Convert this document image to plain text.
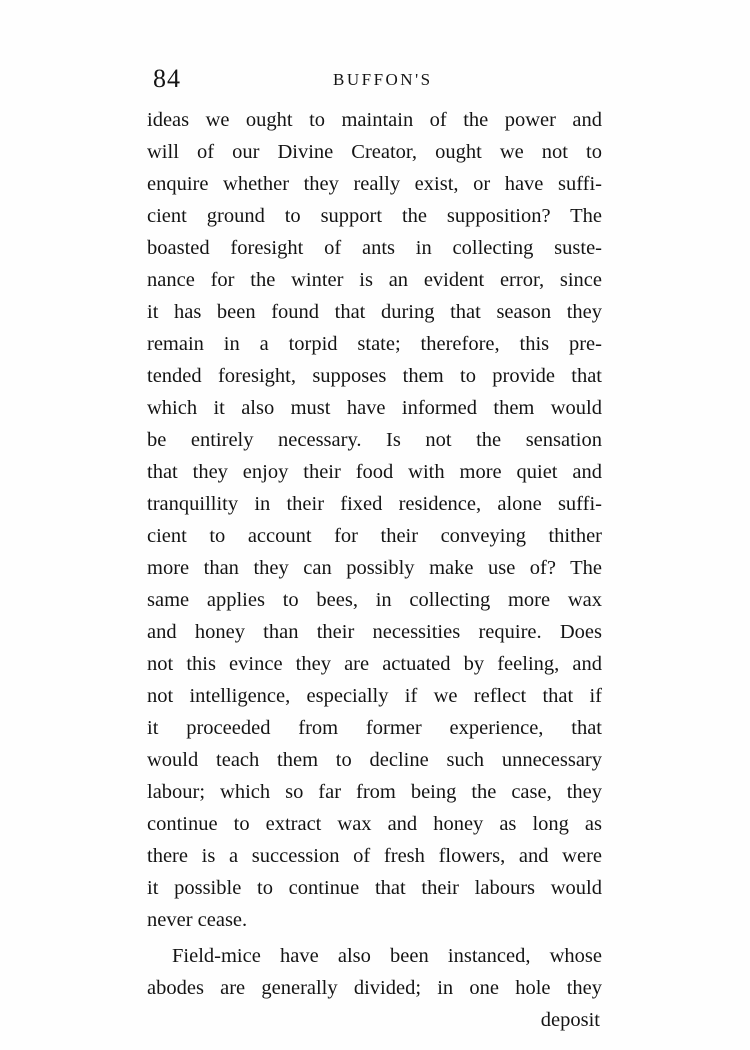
84	BUFFON'S
ideas we ought to maintain of the power and
will of our Divine Creator, ought we not to
enquire whether they really exist, or have suffi-
cient ground to support the supposition? The
boasted foresight of ants in collecting suste-
nance for the winter is an evident error, since
it has been found that during that season they
remain in a torpid state; therefore, this pre-
tended foresight, supposes them to provide that
which it also must have informed them would
be entirely necessary. Is not the sensation
that they enjoy their food with more quiet and
tranquillity in their fixed residence, alone suffi-
cient to account for their conveying thither
more than they can possibly make use of? The
same applies to bees, in collecting more wax
and honey than their necessities require. Does
not this evince they are actuated by feeling, and
not intelligence, especially if we reflect that if
it proceeded from former experience, that
would teach them to decline such unnecessary
labour; which so far from being the case, they
continue to extract wax and honey as long as
there is a succession of fresh flowers, and were
it possible to continue that their labours would
never cease.
Field-mice have also been instanced, whose
abodes are generally divided; in one hole they
deposit
